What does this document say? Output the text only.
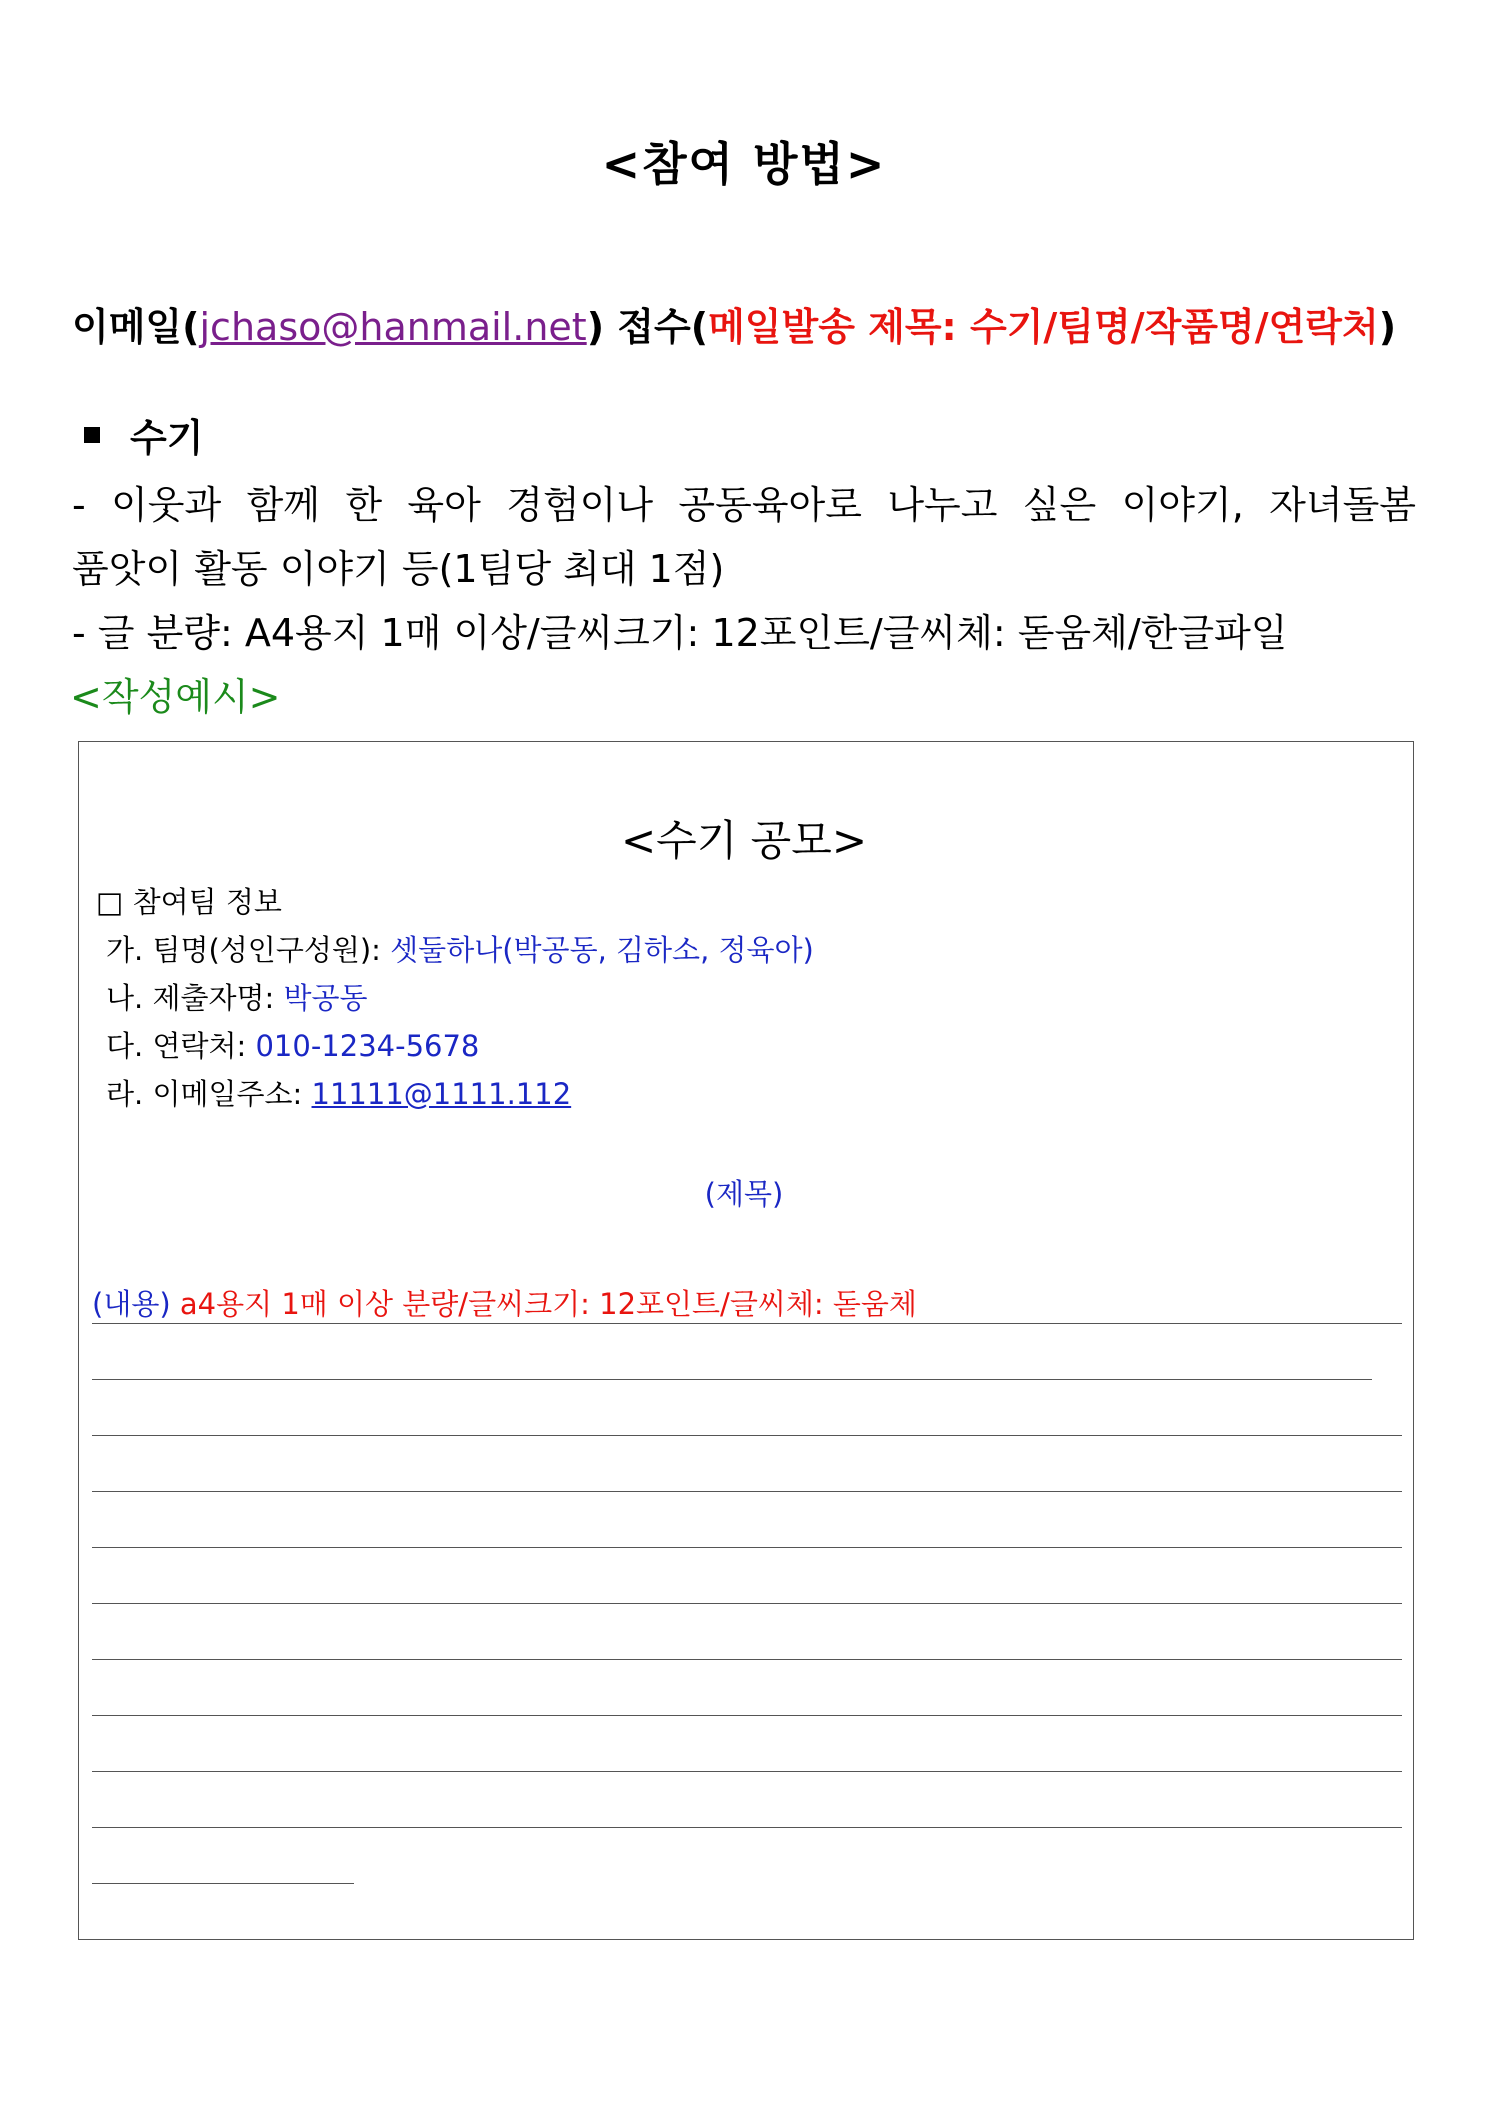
<참여 방법>
이메일(jchaso@hanmail.net) 접수(메일발송 제목: 수기/팀명/작품명/연락처)
수기
- 이웃과 함께 한 육아 경험이나 공동육아로 나누고 싶은 이야기, 자녀돌봄
품앗이 활동 이야기 등(1팀당 최대 1점)
- 글 분량: A4용지 1매 이상/글씨크기: 12포인트/글씨체: 돋움체/한글파일
<작성예시>
<수기 공모>
□ 참여팀 정보
가. 팀명(성인구성원): 셋둘하나(박공동, 김하소, 정육아)
나. 제출자명: 박공동
다. 연락처: 010-1234-5678
라. 이메일주소: 11111@1111.112
(제목)
(내용) a4용지 1매 이상 분량/글씨크기: 12포인트/글씨체: 돋움체
